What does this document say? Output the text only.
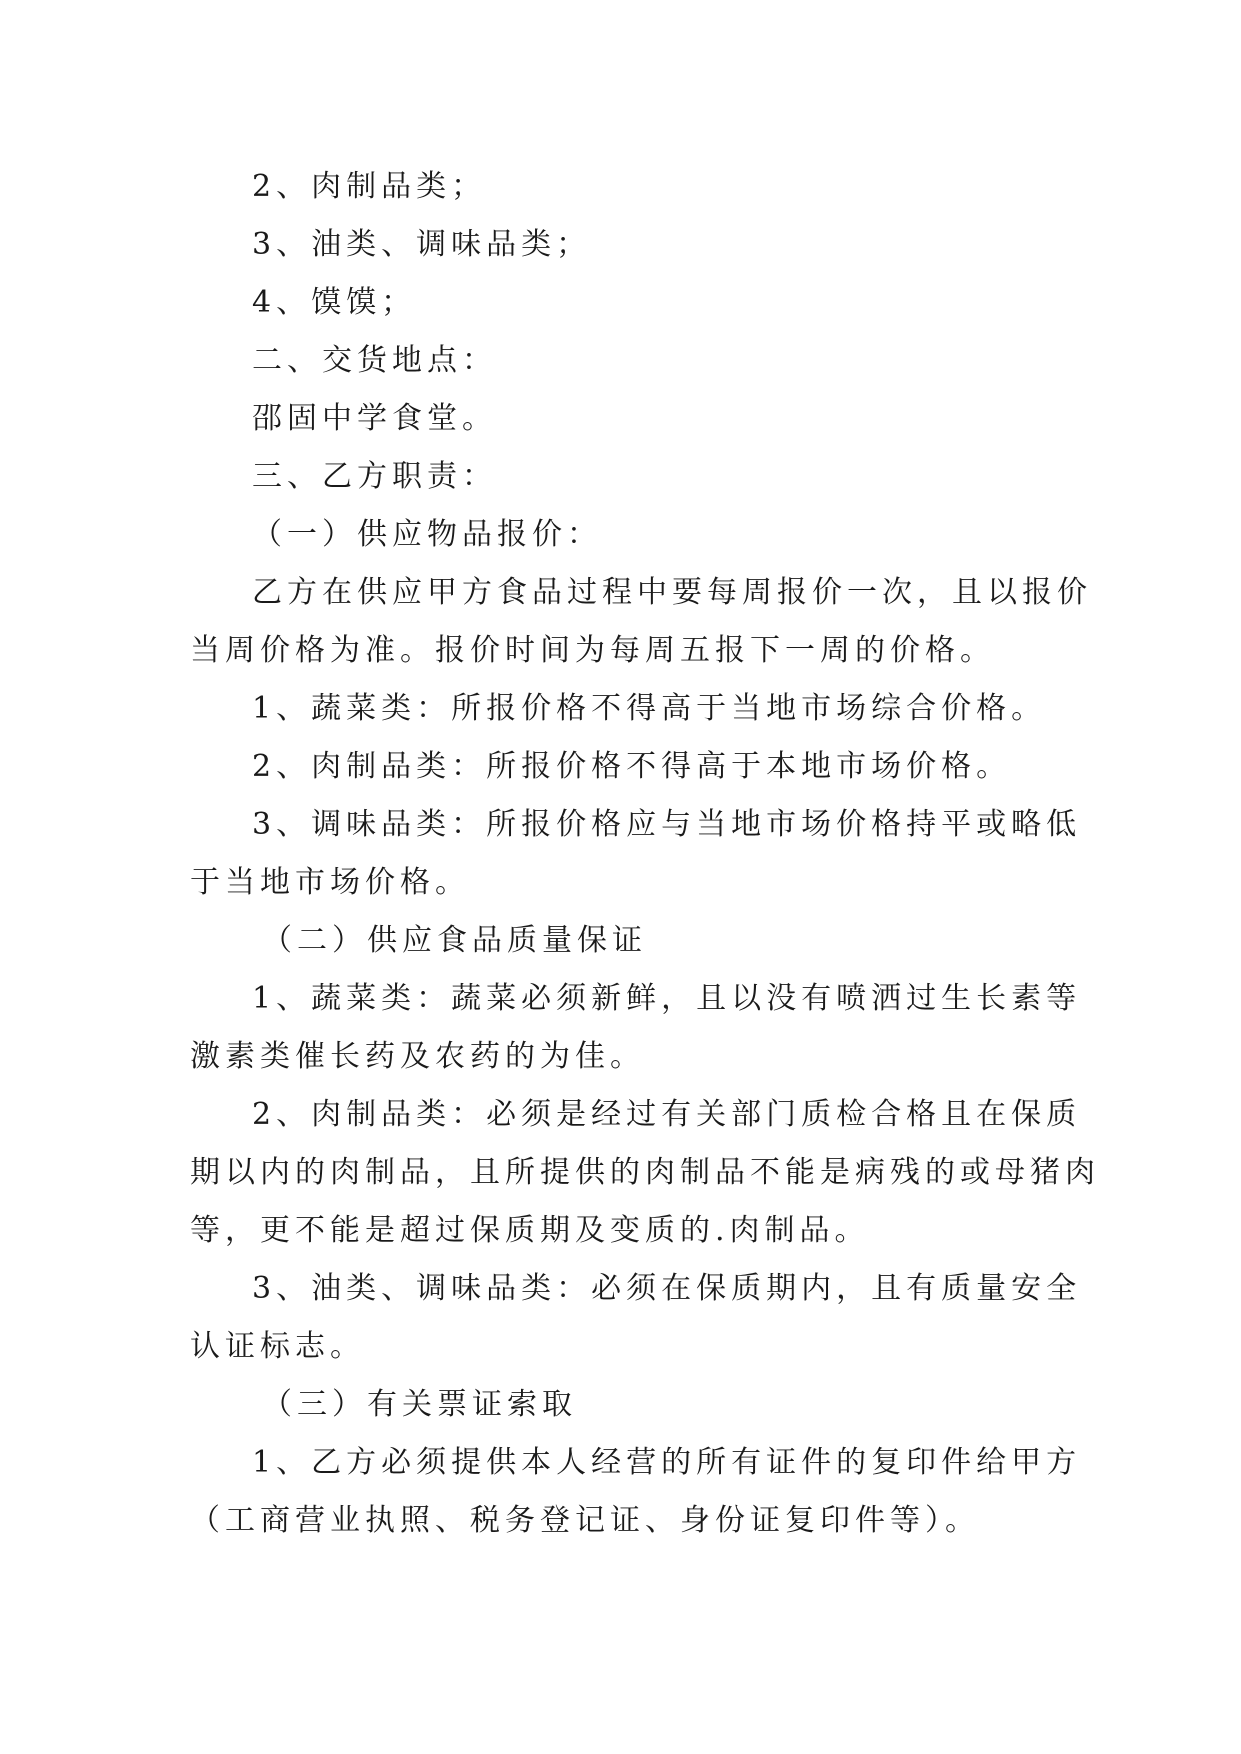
2、肉制品类；
3、油类、调味品类；
4、馍馍；
二、交货地点：
邵固中学食堂。
三、乙方职责：
（一）供应物品报价：
乙方在供应甲方食品过程中要每周报价一次，且以报价
当周价格为准。报价时间为每周五报下一周的价格。
1、蔬菜类：所报价格不得高于当地市场综合价格。
2、肉制品类：所报价格不得高于本地市场价格。
3、调味品类：所报价格应与当地市场价格持平或略低
于当地市场价格。
（二）供应食品质量保证
1、蔬菜类：蔬菜必须新鲜，且以没有喷洒过生长素等
激素类催长药及农药的为佳。
2、肉制品类：必须是经过有关部门质检合格且在保质
期以内的肉制品，且所提供的肉制品不能是病残的或母猪肉
等，更不能是超过保质期及变质的.肉制品。
3、油类、调味品类：必须在保质期内，且有质量安全
认证标志。
（三）有关票证索取
1、乙方必须提供本人经营的所有证件的复印件给甲方
（工商营业执照、税务登记证、身份证复印件等）。
